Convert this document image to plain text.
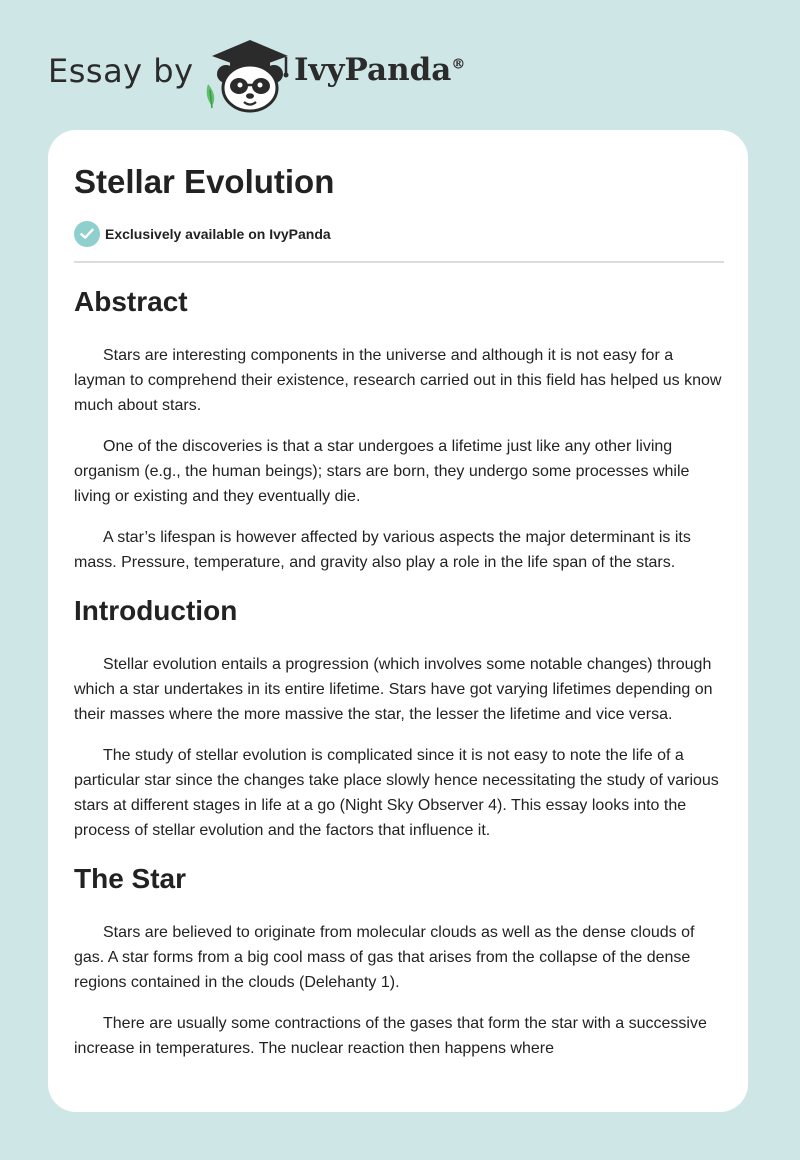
Essay by	IvyPanda®
Stellar Evolution
Exclusively available on IvyPanda
Abstract

Stars are interesting components in the universe and although it is not easy for a layman to comprehend their existence, research carried out in this field has helped us know much about stars.

One of the discoveries is that a star undergoes a lifetime just like any other living organism (e.g., the human beings); stars are born, they undergo some processes while living or existing and they eventually die.

A star’s lifespan is however affected by various aspects the major determinant is its mass. Pressure, temperature, and gravity also play a role in the life span of the stars.

Introduction

Stellar evolution entails a progression (which involves some notable changes) through which a star undertakes in its entire lifetime. Stars have got varying lifetimes depending on their masses where the more massive the star, the lesser the lifetime and vice versa.

The study of stellar evolution is complicated since it is not easy to note the life of a particular star since the changes take place slowly hence necessitating the study of various stars at different stages in life at a go (Night Sky Observer 4). This essay looks into the process of stellar evolution and the factors that influence it.

The Star

Stars are believed to originate from molecular clouds as well as the dense clouds of gas. A star forms from a big cool mass of gas that arises from the collapse of the dense regions contained in the clouds (Delehanty 1).

There are usually some contractions of the gases that form the star with a successive increase in temperatures. The nuclear reaction then happens where
